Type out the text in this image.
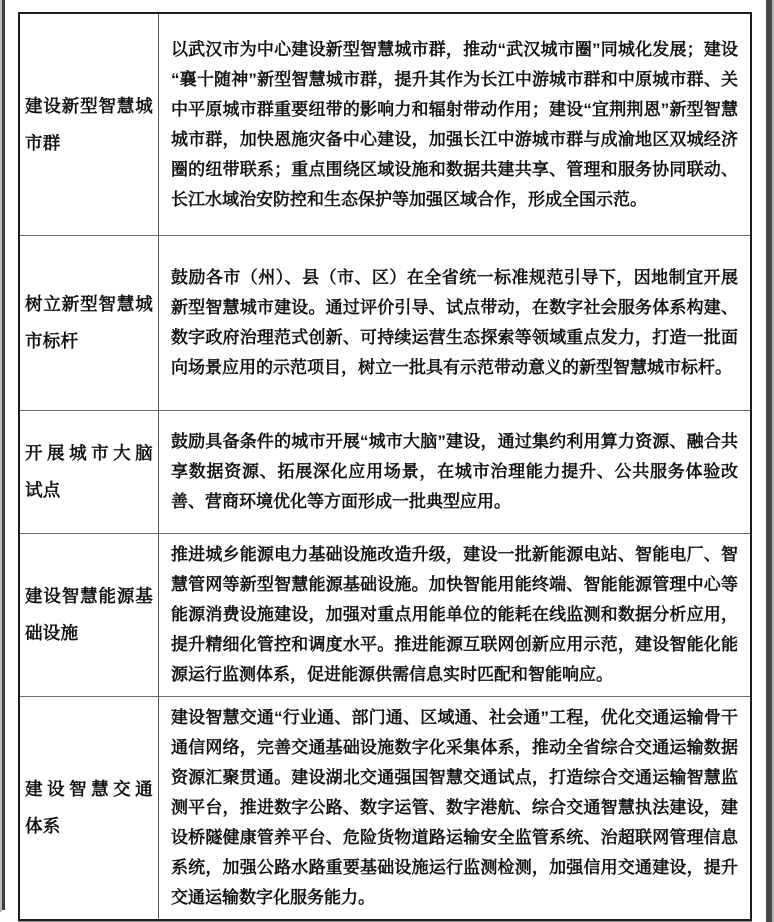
建设新型智慧城
市群

以武汉市为中心建设新型智慧城市群，推动“武汉城市圈”同城化发展；建设“襄十随神”新型智慧城市群，提升其作为长江中游城市群和中原城市群、关中平原城市群重要纽带的影响力和辐射带动作用；建设“宜荆荆恩”新型智慧城市群，加快恩施灾备中心建设，加强长江中游城市群与成渝地区双城经济圈的纽带联系；重点围绕区域设施和数据共建共享、管理和服务协同联动、长江水域治安防控和生态保护等加强区域合作，形成全国示范。

树立新型智慧城
市标杆

鼓励各市（州）、县（市、区）在全省统一标准规范引导下，因地制宜开展新型智慧城市建设。通过评价引导、试点带动，在数字社会服务体系构建、数字政府治理范式创新、可持续运营生态探索等领域重点发力，打造一批面向场景应用的示范项目，树立一批具有示范带动意义的新型智慧城市标杆。

开展城市大脑
试点

鼓励具备条件的城市开展“城市大脑”建设，通过集约利用算力资源、融合共享数据资源、拓展深化应用场景，在城市治理能力提升、公共服务体验改善、营商环境优化等方面形成一批典型应用。

建设智慧能源基
础设施

推进城乡能源电力基础设施改造升级，建设一批新能源电站、智能电厂、智慧管网等新型智慧能源基础设施。加快智能用能终端、智能能源管理中心等能源消费设施建设，加强对重点用能单位的能耗在线监测和数据分析应用，提升精细化管控和调度水平。推进能源互联网创新应用示范，建设智能化能源运行监测体系，促进能源供需信息实时匹配和智能响应。

建设智慧交通
体系

建设智慧交通“行业通、部门通、区域通、社会通”工程，优化交通运输骨干通信网络，完善交通基础设施数字化采集体系，推动全省综合交通运输数据资源汇聚贯通。建设湖北交通强国智慧交通试点，打造综合交通运输智慧监测平台，推进数字公路、数字运管、数字港航、综合交通智慧执法建设，建设桥隧健康管养平台、危险货物道路运输安全监管系统、治超联网管理信息系统，加强公路水路重要基础设施运行监测检测，加强信用交通建设，提升交通运输数字化服务能力。
